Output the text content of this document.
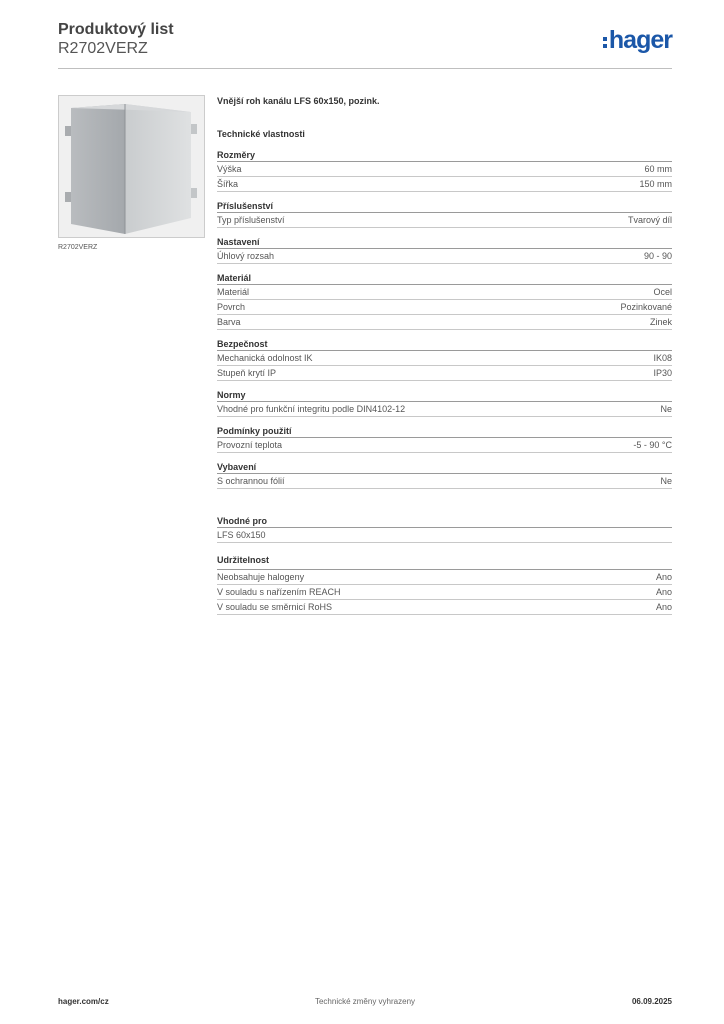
Produktový list
R2702VERZ	hager
R2702VERZ
Vnější roh kanálu LFS 60x150, pozink.
Technické vlastnosti
Rozměry
Výška	60 mm
Šířka	150 mm
Příslušenství
Typ příslušenství	Tvarový díl
Nastavení
Úhlový rozsah	90 - 90
Materiál
Materiál	Ocel
Povrch	Pozinkované
Barva	Zinek
Bezpečnost
Mechanická odolnost IK	IK08
Stupeň krytí IP	IP30
Normy
Vhodné pro funkční integritu podle DIN4102-12	Ne
Podmínky použití
Provozní teplota	-5 - 90 °C
Vybavení
S ochrannou fólií	Ne
Vhodné pro
LFS 60x150
Udržitelnost
Neobsahuje halogeny	Ano
V souladu s nařízením REACH	Ano
V souladu se směrnicí RoHS	Ano
Technické změny vyhrazeny
hager.com/cz	06.09.2025
